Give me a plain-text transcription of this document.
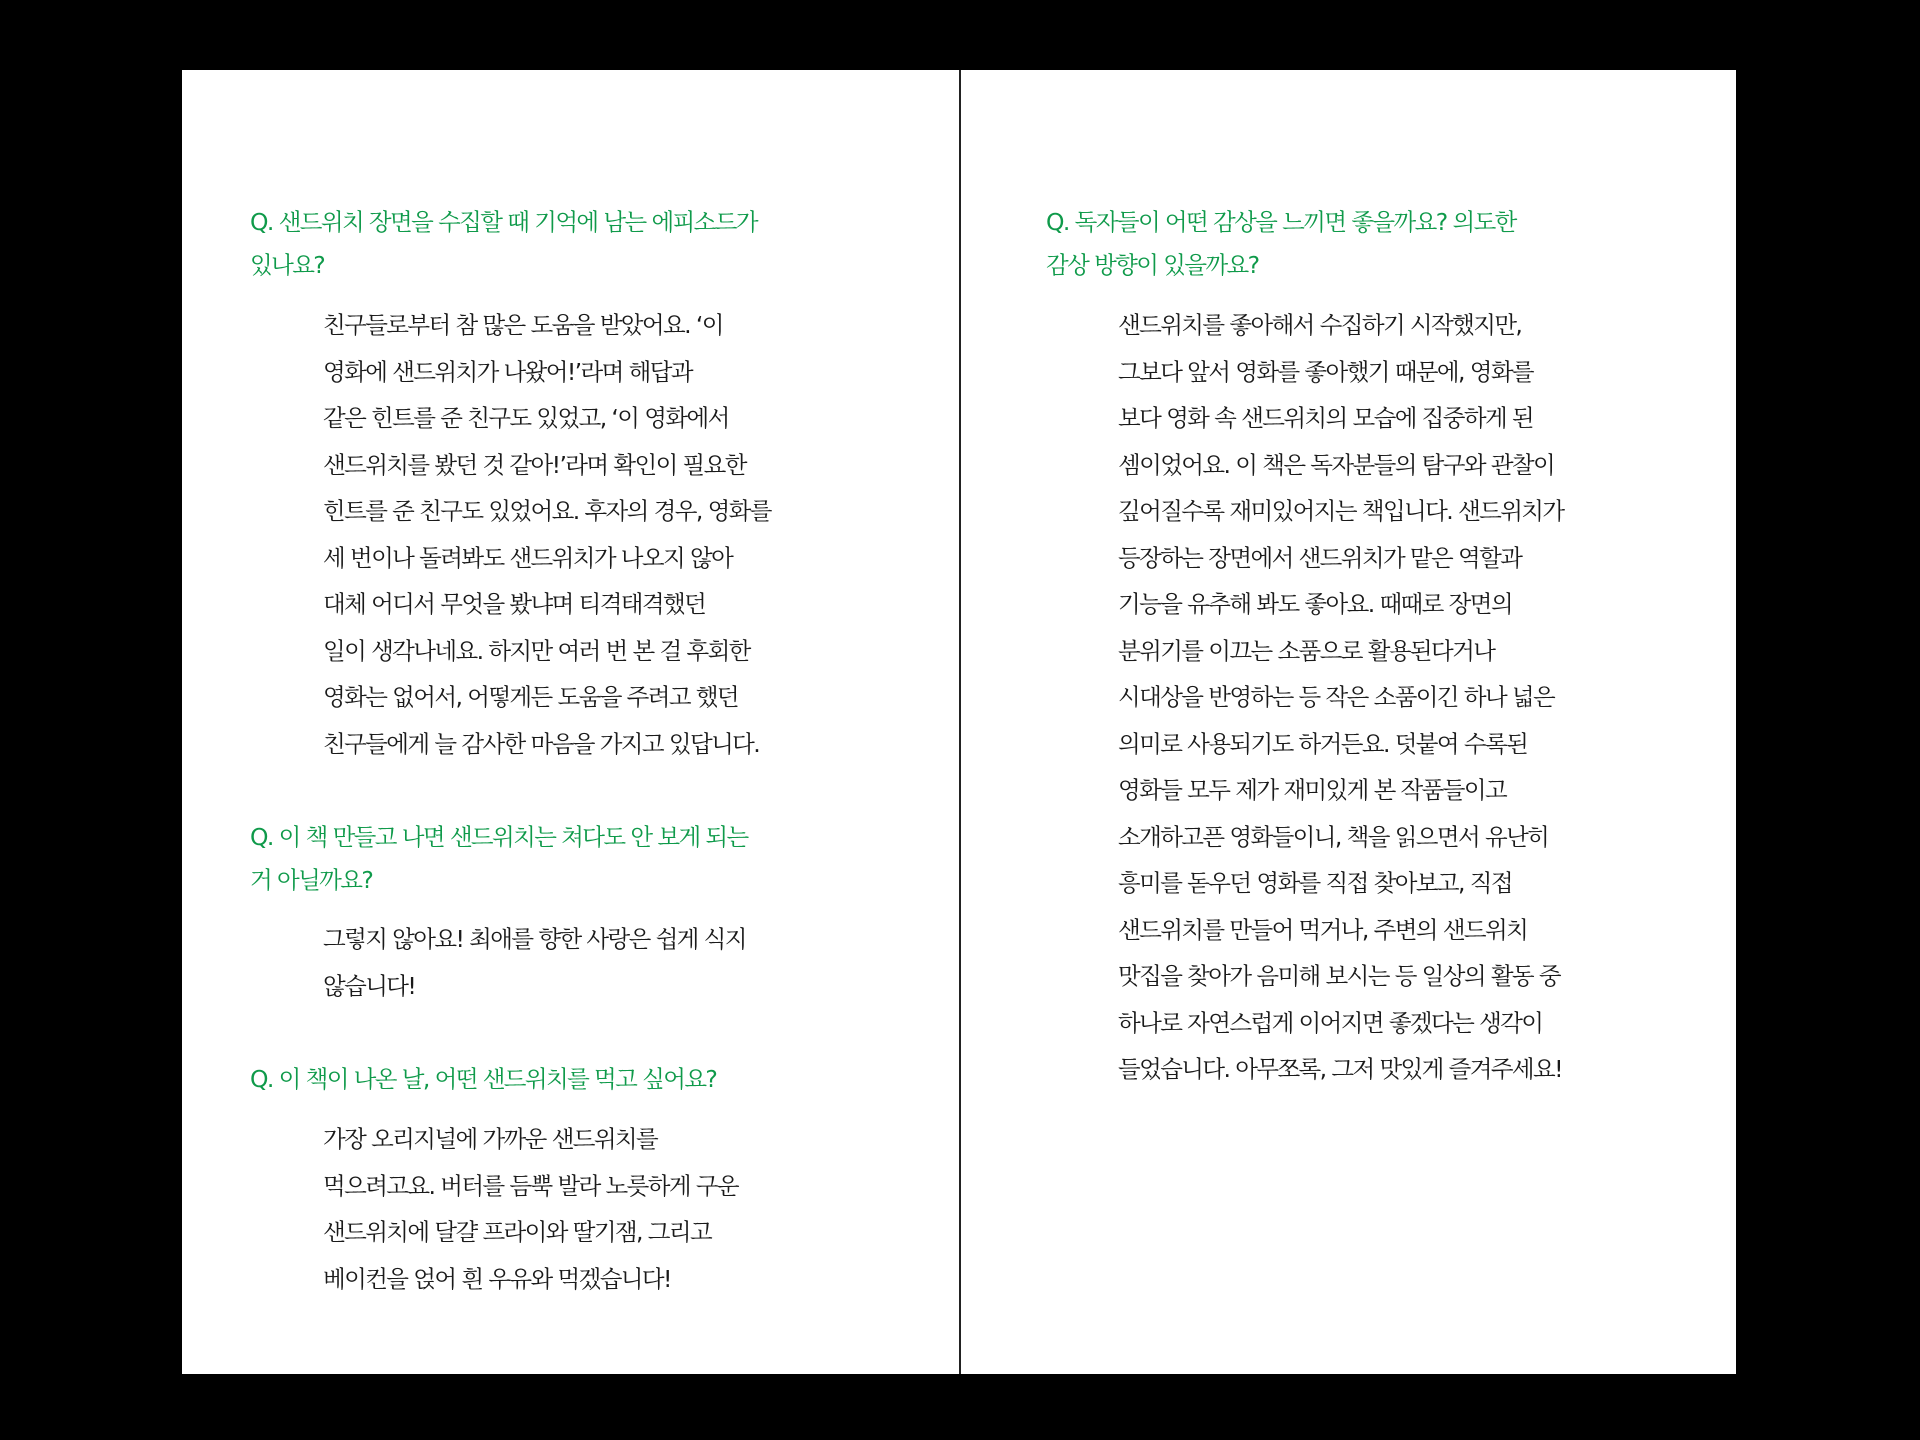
Q. 샌드위치 장면을 수집할 때 기억에 남는 에피소드가
있나요?

친구들로부터 참 많은 도움을 받았어요. ‘이
영화에 샌드위치가 나왔어!’라며 해답과
같은 힌트를 준 친구도 있었고, ‘이 영화에서
샌드위치를 봤던 것 같아!’라며 확인이 필요한
힌트를 준 친구도 있었어요. 후자의 경우, 영화를
세 번이나 돌려봐도 샌드위치가 나오지 않아
대체 어디서 무엇을 봤냐며 티격태격했던
일이 생각나네요. 하지만 여러 번 본 걸 후회한
영화는 없어서, 어떻게든 도움을 주려고 했던
친구들에게 늘 감사한 마음을 가지고 있답니다.

Q. 이 책 만들고 나면 샌드위치는 쳐다도 안 보게 되는
거 아닐까요?

그렇지 않아요! 최애를 향한 사랑은 쉽게 식지
않습니다!

Q. 이 책이 나온 날, 어떤 샌드위치를 먹고 싶어요?

가장 오리지널에 가까운 샌드위치를
먹으려고요. 버터를 듬뿍 발라 노릇하게 구운
샌드위치에 달걀 프라이와 딸기잼, 그리고
베이컨을 얹어 흰 우유와 먹겠습니다!

Q. 독자들이 어떤 감상을 느끼면 좋을까요? 의도한
감상 방향이 있을까요?

샌드위치를 좋아해서 수집하기 시작했지만,
그보다 앞서 영화를 좋아했기 때문에, 영화를
보다 영화 속 샌드위치의 모습에 집중하게 된
셈이었어요. 이 책은 독자분들의 탐구와 관찰이
깊어질수록 재미있어지는 책입니다. 샌드위치가
등장하는 장면에서 샌드위치가 맡은 역할과
기능을 유추해 봐도 좋아요. 때때로 장면의
분위기를 이끄는 소품으로 활용된다거나
시대상을 반영하는 등 작은 소품이긴 하나 넓은
의미로 사용되기도 하거든요. 덧붙여 수록된
영화들 모두 제가 재미있게 본 작품들이고
소개하고픈 영화들이니, 책을 읽으면서 유난히
흥미를 돋우던 영화를 직접 찾아보고, 직접
샌드위치를 만들어 먹거나, 주변의 샌드위치
맛집을 찾아가 음미해 보시는 등 일상의 활동 중
하나로 자연스럽게 이어지면 좋겠다는 생각이
들었습니다. 아무쪼록, 그저 맛있게 즐겨주세요!
